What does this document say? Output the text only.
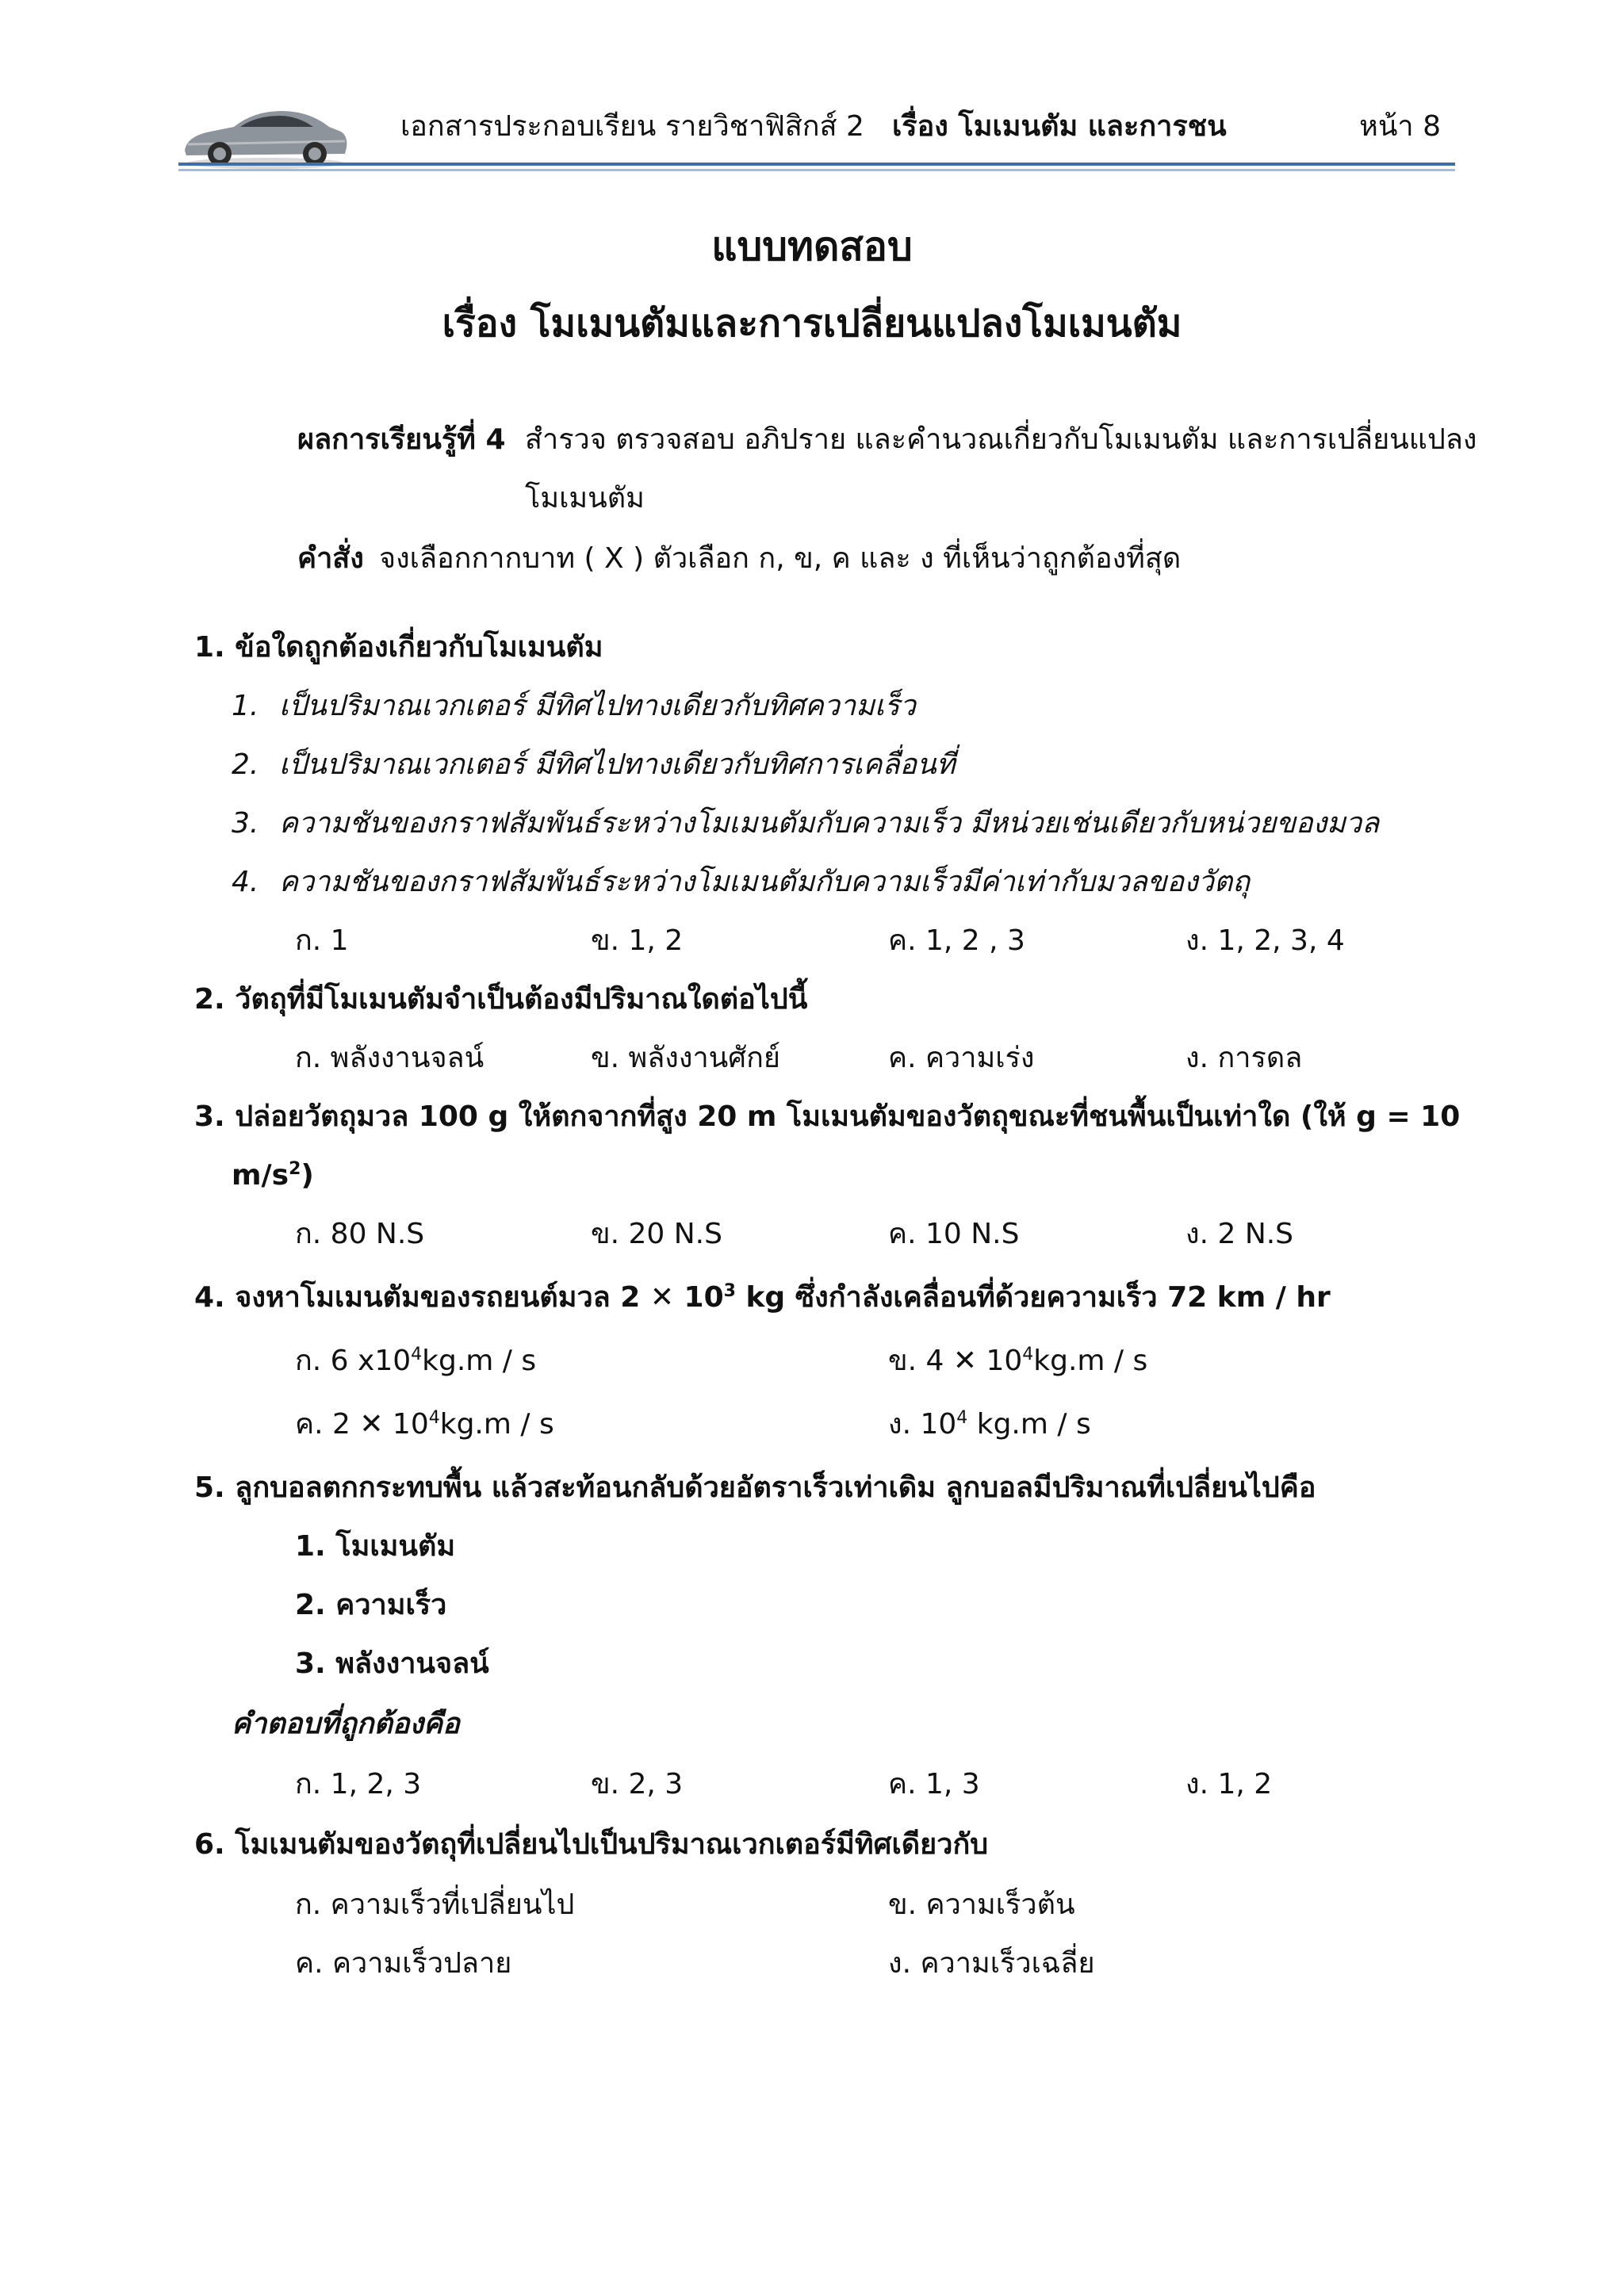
เอกสารประกอบเรียน รายวิชาฟิสิกส์ 2 เรื่อง โมเมนตัม และการชน	หน้า 8
แบบทดสอบ
เรื่อง โมเมนตัมและการเปลี่ยนแปลงโมเมนตัม
ผลการเรียนรู้ที่ 4 สำรวจ ตรวจสอบ อภิปราย และคำนวณเกี่ยวกับโมเมนตัม และการเปลี่ยนแปลง
โมเมนตัม
คำสั่ง จงเลือกกากบาท ( X ) ตัวเลือก ก, ข, ค และ ง ที่เห็นว่าถูกต้องที่สุด
1. ข้อใดถูกต้องเกี่ยวกับโมเมนตัม
1. เป็นปริมาณเวกเตอร์ มีทิศไปทางเดียวกับทิศความเร็ว
2. เป็นปริมาณเวกเตอร์ มีทิศไปทางเดียวกับทิศการเคลื่อนที่
3. ความชันของกราฟสัมพันธ์ระหว่างโมเมนตัมกับความเร็ว มีหน่วยเช่นเดียวกับหน่วยของมวล
4. ความชันของกราฟสัมพันธ์ระหว่างโมเมนตัมกับความเร็วมีค่าเท่ากับมวลของวัตถุ
ก. 1	ข. 1, 2	ค. 1, 2 , 3	ง. 1, 2, 3, 4
2. วัตถุที่มีโมเมนตัมจำเป็นต้องมีปริมาณใดต่อไปนี้
ก. พลังงานจลน์	ข. พลังงานศักย์	ค. ความเร่ง	ง. การดล
3. ปล่อยวัตถุมวล 100 g ให้ตกจากที่สูง 20 m โมเมนตัมของวัตถุขณะที่ชนพื้นเป็นเท่าใด (ให้ g = 10
$m/s^2$)
ก. 80 N.S	ข. 20 N.S	ค. 10 N.S	ง. 2 N.S
4. จงหาโมเมนตัมของรถยนต์มวล 2 ✕ $10^3$ kg ซึ่งกำลังเคลื่อนที่ด้วยความเร็ว 72 km / hr
ก. 6 $x10^4kg.m$ / s	ข. 4 ✕ $10^4kg.m$ / s
ค. 2 ✕ $10^4kg.m$ / s	ง. $10^4$ kg.m / s
5. ลูกบอลตกกระทบพื้น แล้วสะท้อนกลับด้วยอัตราเร็วเท่าเดิม ลูกบอลมีปริมาณที่เปลี่ยนไปคือ
1. โมเมนตัม
2. ความเร็ว
3. พลังงานจลน์
คำตอบที่ถูกต้องคือ
ก. 1, 2, 3	ข. 2, 3	ค. 1, 3	ง. 1, 2
6. โมเมนตัมของวัตถุที่เปลี่ยนไปเป็นปริมาณเวกเตอร์มีทิศเดียวกับ
ก. ความเร็วที่เปลี่ยนไป	ข. ความเร็วต้น
ค. ความเร็วปลาย	ง. ความเร็วเฉลี่ย
